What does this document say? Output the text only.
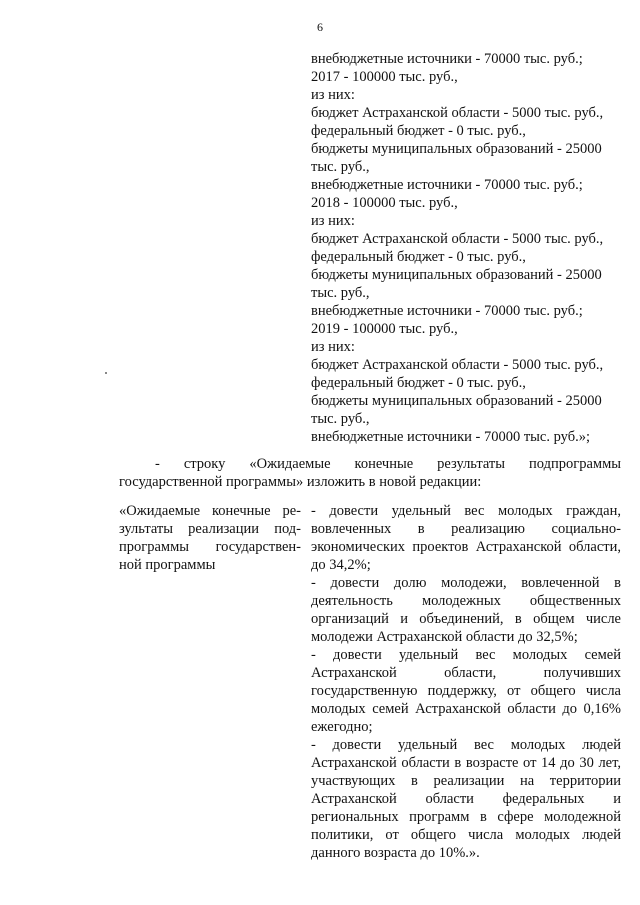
6
внебюджетные источники - 70000 тыс. руб.;
2017 - 100000 тыс. руб.,
из них:
бюджет Астраханской области - 5000 тыс. руб.,
федеральный бюджет - 0 тыс. руб.,
бюджеты муниципальных образований - 25000
тыс. руб.,
внебюджетные источники - 70000 тыс. руб.;
2018 - 100000 тыс. руб.,
из них:
бюджет Астраханской области - 5000 тыс. руб.,
федеральный бюджет - 0 тыс. руб.,
бюджеты муниципальных образований - 25000
тыс. руб.,
внебюджетные источники - 70000 тыс. руб.;
2019 - 100000 тыс. руб.,
из них:
бюджет Астраханской области - 5000 тыс. руб.,
федеральный бюджет - 0 тыс. руб.,
бюджеты муниципальных образований - 25000
тыс. руб.,
внебюджетные источники - 70000 тыс. руб.»;
- строку «Ожидаемые конечные результаты подпрограммы государственной программы» изложить в новой редакции:
«Ожидаемые конечные ре-
зультаты реализации под-
программы государствен-
ной программы

- довести удельный вес молодых граждан, вовлеченных в реализацию социально-экономических проектов Астраханской области, до 34,2%;

- довести долю молодежи, вовлеченной в деятельность молодежных общественных организаций и объединений, в общем числе молодежи Астраханской области до 32,5%;

- довести удельный вес молодых семей Астраханской области, получивших государственную поддержку, от общего числа молодых семей Астраханской области до 0,16% ежегодно;

- довести удельный вес молодых людей Астраханской области в возрасте от 14 до 30 лет, участвующих в реализации на территории Астраханской области федеральных и региональных программ в сфере молодежной политики, от общего числа молодых людей данного возраста до 10%.».
